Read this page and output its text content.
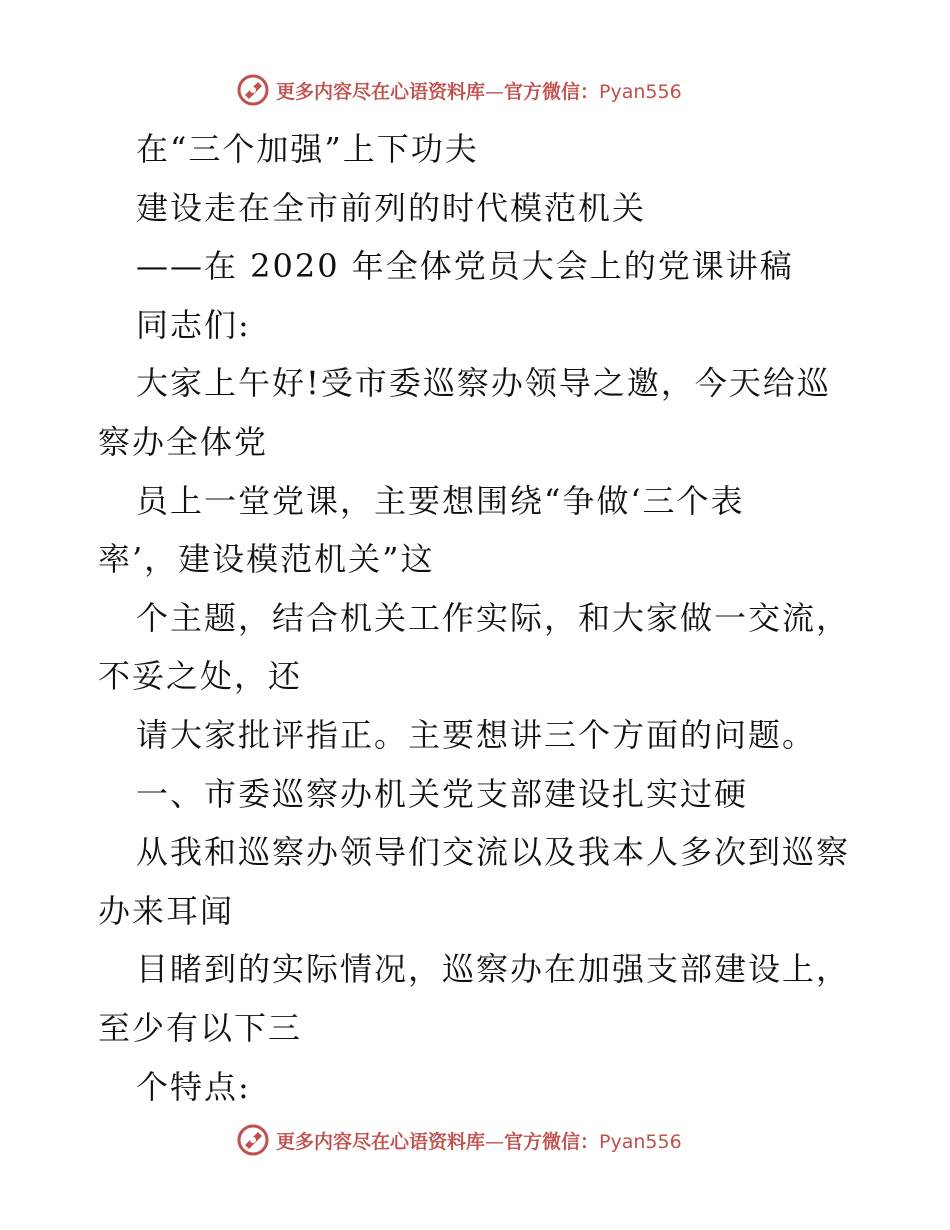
更多内容尽在心语资料库—官方微信：Pyan556
在“三个加强”上下功夫
建设走在全市前列的时代模范机关
——在 2020 年全体党员大会上的党课讲稿
同志们:
大家上午好!受市委巡察办领导之邀，今天给巡
察办全体党
员上一堂党课，主要想围绕“争做‘三个表
率’，建设模范机关”这
个主题，结合机关工作实际，和大家做一交流，
不妥之处，还
请大家批评指正。主要想讲三个方面的问题。
一、市委巡察办机关党支部建设扎实过硬
从我和巡察办领导们交流以及我本人多次到巡察
办来耳闻
目睹到的实际情况，巡察办在加强支部建设上，
至少有以下三
个特点:
更多内容尽在心语资料库—官方微信：Pyan556
